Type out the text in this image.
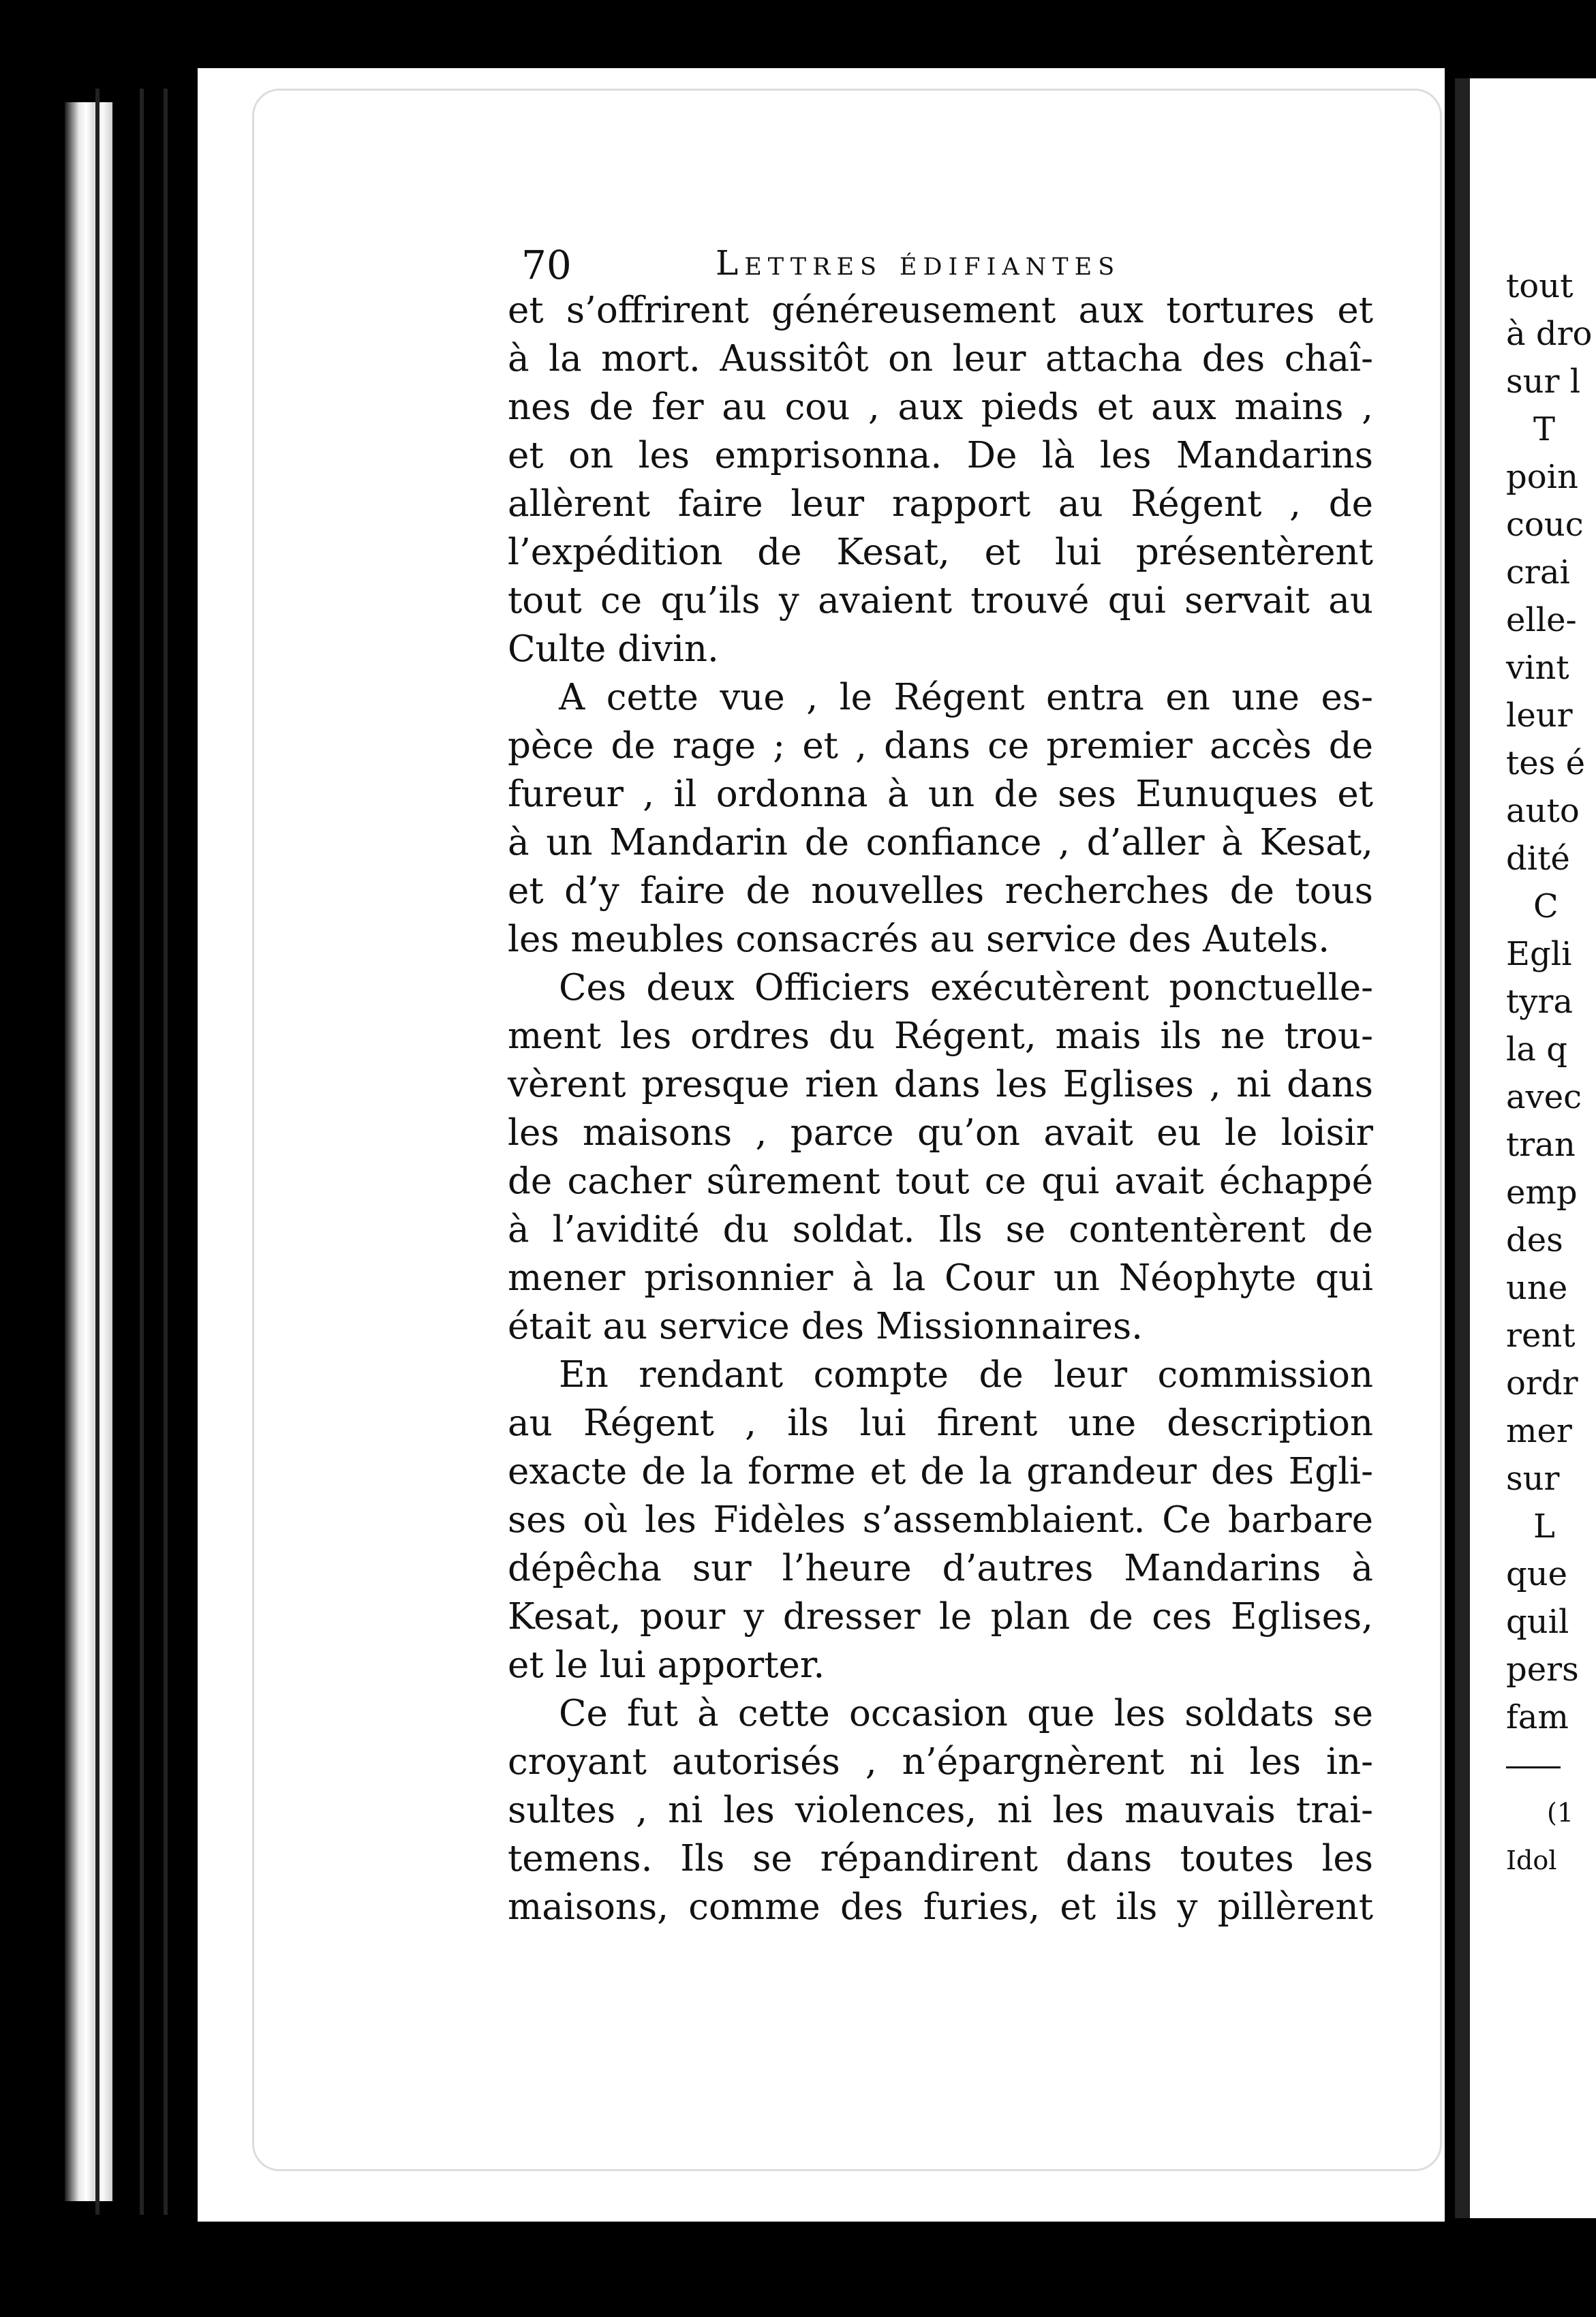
70	Lettres édifiantes
et s’offrirent généreusement aux tortures et
à la mort. Aussitôt on leur attacha des chaî-
nes de fer au cou , aux pieds et aux mains ,
et on les emprisonna. De là les Mandarins
allèrent faire leur rapport au Régent , de
l’expédition de Kesat, et lui présentèrent
tout ce qu’ils y avaient trouvé qui servait au
Culte divin.
A cette vue , le Régent entra en une es-
pèce de rage ; et , dans ce premier accès de
fureur , il ordonna à un de ses Eunuques et
à un Mandarin de confiance , d’aller à Kesat,
et d’y faire de nouvelles recherches de tous
les meubles consacrés au service des Autels.
Ces deux Officiers exécutèrent ponctuelle-
ment les ordres du Régent, mais ils ne trou-
vèrent presque rien dans les Eglises , ni dans
les maisons , parce qu’on avait eu le loisir
de cacher sûrement tout ce qui avait échappé
à l’avidité du soldat. Ils se contentèrent de
mener prisonnier à la Cour un Néophyte qui
était au service des Missionnaires.
En rendant compte de leur commission
au Régent , ils lui firent une description
exacte de la forme et de la grandeur des Egli-
ses où les Fidèles s’assemblaient. Ce barbare
dépêcha sur l’heure d’autres Mandarins à
Kesat, pour y dresser le plan de ces Eglises,
et le lui apporter.
Ce fut à cette occasion que les soldats se
croyant autorisés , n’épargnèrent ni les in-
sultes , ni les violences, ni les mauvais trai-
temens. Ils se répandirent dans toutes les
maisons, comme des furies, et ils y pillèrent
tout
à dro
sur l
T
poin
couc
crai
elle-
vint
leur
tes é
auto
dité
C
Egli
tyra
la q
avec
tran
emp
des
une
rent
ordr
mer
sur
L
que
quil
pers
fam
(1
Idol
